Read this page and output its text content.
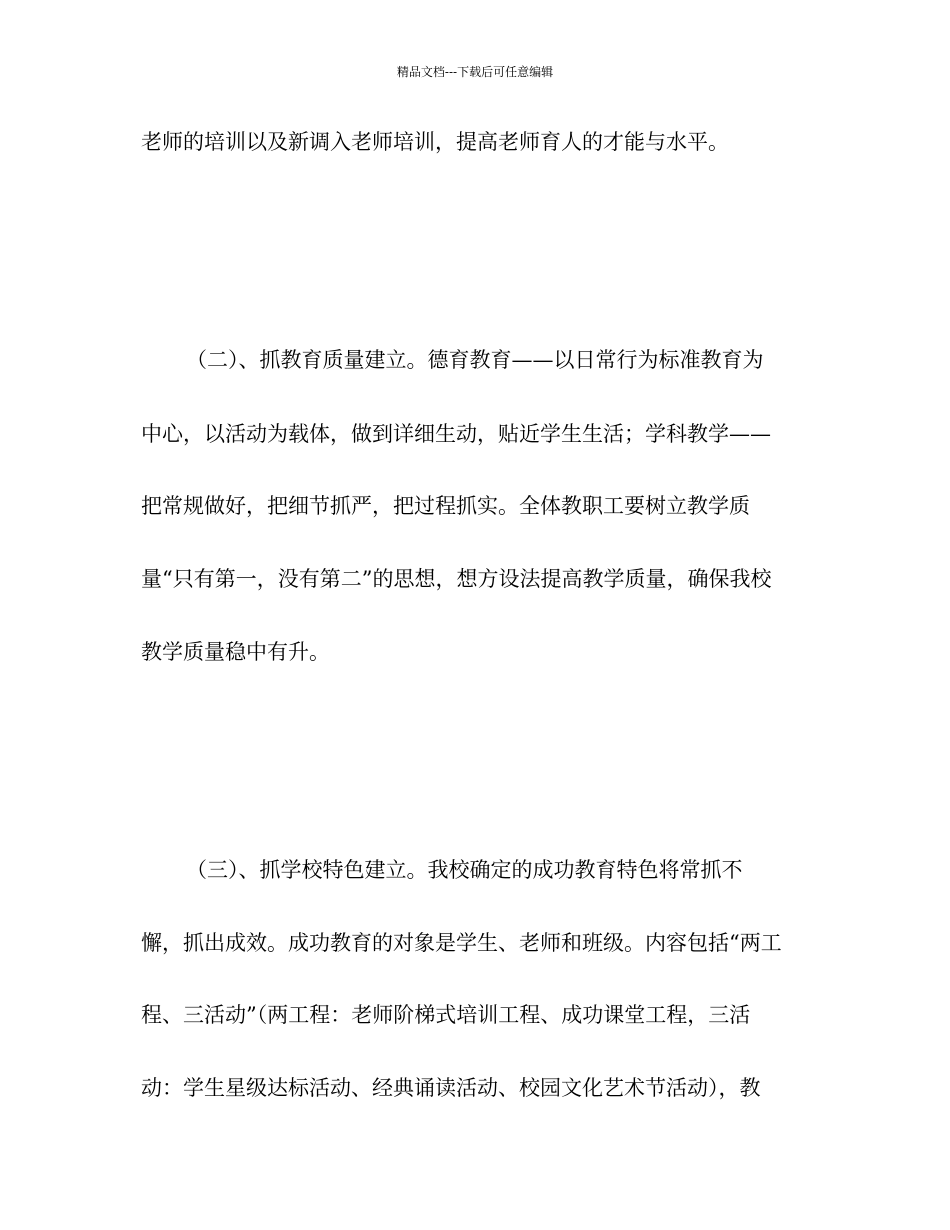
精品文档---下载后可任意编辑
老师的培训以及新调入老师培训，提高老师育人的才能与水平。
（二）、抓教育质量建立。德育教育——以日常行为标准教育为
中心，以活动为载体，做到详细生动，贴近学生生活；学科教学——
把常规做好，把细节抓严，把过程抓实。全体教职工要树立教学质
量“只有第一，没有第二”的思想，想方设法提高教学质量，确保我校
教学质量稳中有升。
（三）、抓学校特色建立。我校确定的成功教育特色将常抓不
懈，抓出成效。成功教育的对象是学生、老师和班级。内容包括“两工
程、三活动”（两工程：老师阶梯式培训工程、成功课堂工程，三活
动：学生星级达标活动、经典诵读活动、校园文化艺术节活动），教
